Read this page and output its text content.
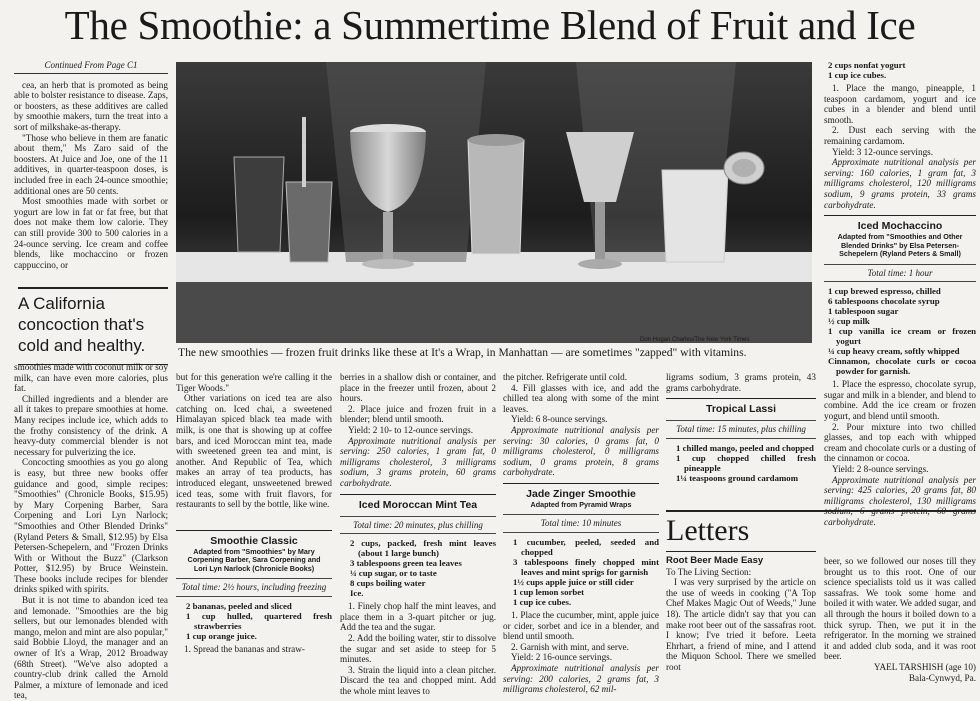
The Smoothie: a Summertime Blend of Fruit and Ice
Continued From Page C1

cea, an herb that is promoted as being able to bolster resistance to disease. Zaps, or boosters, as these additives are called by smoothie makers, turn the treat into a sort of milkshake-as-therapy.

"Those who believe in them are fanatic about them," Ms Zaro said of the boosters. At Juice and Joe, one of the 11 additives, in quarter-teaspoon doses, is included free in each 24-ounce smoothie; additional ones are 50 cents.

Most smoothies made with sorbet or yogurt are low in fat or fat free, but that does not make them low calorie. They can still provide 300 to 500 calories in a 24-ounce serving. Ice cream and coffee blends, like mochaccino or frozen cappuccino, or

A California concoction that's cold and healthy.

smoothies made with coconut milk or soy milk, can have even more calories, plus fat.

Chilled ingredients and a blender are all it takes to prepare smoothies at home. Many recipes include ice, which adds to the frothy consistency of the drink. A heavy-duty commercial blender is not necessary for pulverizing the ice.

Concocting smoothies as you go along is easy, but three new books offer guidance and good, simple recipes: "Smoothies" (Chronicle Books, $15.95) by Mary Corpening Barber, Sara Corpening and Lori Lyn Narlock; "Smoothies and Other Blended Drinks" (Ryland Peters & Small, $12.95) by Elsa Petersen-Schepelern, and "Frozen Drinks With or Without the Buzz" (Clarkson Potter, $12.95) by Bruce Weinstein. These books include recipes for blender drinks spiked with spirits.

But it is not time to abandon iced tea and lemonade. "Smoothies are the big sellers, but our lemonades blended with mango, melon and mint are also popular," said Bobbie Lloyd, the manager and an owner of It's a Wrap, 2012 Broadway (68th Street). "We've also adopted a country-club drink called the Arnold Palmer, a mixture of lemonade and iced tea,

Don Hogan Charles/The New York Times
The new smoothies — frozen fruit drinks like these at It's a Wrap, in Manhattan — are sometimes "zapped" with vitamins.

but for this generation we're calling it the Tiger Woods."

Other variations on iced tea are also catching on. Iced chai, a sweetened Himalayan spiced black tea made with milk, is one that is showing up at coffee bars, and iced Moroccan mint tea, made with sweetened green tea and mint, is another. And Republic of Tea, which makes an array of tea products, has introduced elegant, unsweetened brewed iced teas, some with fruit flavors, for restaurants to sell by the bottle, like wine.

Smoothie Classic
Adapted from "Smoothies" by Mary Corpening Barber, Sara Corpening and Lori Lyn Narlock (Chronicle Books)
Total time: 2½ hours, including freezing
2 bananas, peeled and sliced
1 cup hulled, quartered fresh strawberries
1 cup orange juice.

1. Spread the bananas and straw-

berries in a shallow dish or container, and place in the freezer until frozen, about 2 hours.

2. Place juice and frozen fruit in a blender; blend until smooth.

Yield: 2 10- to 12-ounce servings.

Approximate nutritional analysis per serving: 250 calories, 1 gram fat, 0 milligrams cholesterol, 3 milligrams sodium, 3 grams protein, 60 grams carbohydrate.

Iced Moroccan Mint Tea
Total time: 20 minutes, plus chilling
2 cups, packed, fresh mint leaves (about 1 large bunch)
3 tablespoons green tea leaves
¼ cup sugar, or to taste
8 cups boiling water
Ice.

1. Finely chop half the mint leaves, and place them in a 3-quart pitcher or jug. Add the tea and the sugar.

2. Add the boiling water, stir to dissolve the sugar and set aside to steep for 5 minutes.

3. Strain the liquid into a clean pitcher. Discard the tea and chopped mint. Add the whole mint leaves to

the pitcher. Refrigerate until cold.

4. Fill glasses with ice, and add the chilled tea along with some of the mint leaves.

Yield: 6 8-ounce servings.

Approximate nutritional analysis per serving: 30 calories, 0 grams fat, 0 milligrams cholesterol, 0 milligrams sodium, 0 grams protein, 8 grams carbohydrate.

Jade Zinger Smoothie
Adapted from Pyramid Wraps
Total time: 10 minutes
1 cucumber, peeled, seeded and chopped
3 tablespoons finely chopped mint leaves and mint sprigs for garnish
1½ cups apple juice or still cider
1 cup lemon sorbet
1 cup ice cubes.

1. Place the cucumber, mint, apple juice or cider, sorbet and ice in a blender, and blend until smooth.

2. Garnish with mint, and serve.

Yield: 2 16-ounce servings.

Approximate nutritional analysis per serving: 200 calories, 2 grams fat, 3 milligrams cholesterol, 62 mil-

ligrams sodium, 3 grams protein, 43 grams carbohydrate.

Tropical Lassi
Total time: 15 minutes, plus chilling
1 chilled mango, peeled and chopped
1 cup chopped chilled fresh pineapple
1¼ teaspoons ground cardamom
2 cups nonfat yogurt
1 cup ice cubes.

1. Place the mango, pineapple, 1 teaspoon cardamom, yogurt and ice cubes in a blender and blend until smooth.

2. Dust each serving with the remaining cardamom.

Yield: 3 12-ounce servings.

Approximate nutritional analysis per serving: 160 calories, 1 gram fat, 3 milligrams cholesterol, 120 milligrams sodium, 9 grams protein, 33 grams carbohydrate.

Iced Mochaccino
Adapted from "Smoothies and Other Blended Drinks" by Elsa Petersen-Schepelern (Ryland Peters & Small)
Total time: 1 hour
1 cup brewed espresso, chilled
6 tablespoons chocolate syrup
1 tablespoon sugar
½ cup milk
1 cup vanilla ice cream or frozen yogurt
¼ cup heavy cream, softly whipped
Cinnamon, chocolate curls or cocoa powder for garnish.

1. Place the espresso, chocolate syrup, sugar and milk in a blender, and blend to combine. Add the ice cream or frozen yogurt, and blend until smooth.

2. Pour mixture into two chilled glasses, and top each with whipped cream and chocolate curls or a dusting of the cinnamon or cocoa.

Yield: 2 8-ounce servings.

Approximate nutritional analysis per serving: 425 calories, 20 grams fat, 80 milligrams cholesterol, 130 milligrams carbohydrate.

Letters
Root Beer Made Easy

To The Living Section:

I was very surprised by the article on the use of weeds in cooking ("A Top Chef Makes Magic Out of Weeds," June 18). The article didn't say that you can make root beer out of the sassafras root. I know; I've tried it before. Leeta Ehrhart, a friend of mine, and I attend the Miquon School. There we smelled root

beer, so we followed our noses till they brought us to this root. One of our science specialists told us it was called sassafras. We took some home and boiled it with water. We added sugar, and all through the hours it boiled down to a thick syrup. Then, we put it in the refrigerator. In the morning we strained it and added club soda, and it was root beer.

YAEL TARSHISH (age 10)
Bala-Cynwyd, Pa.
